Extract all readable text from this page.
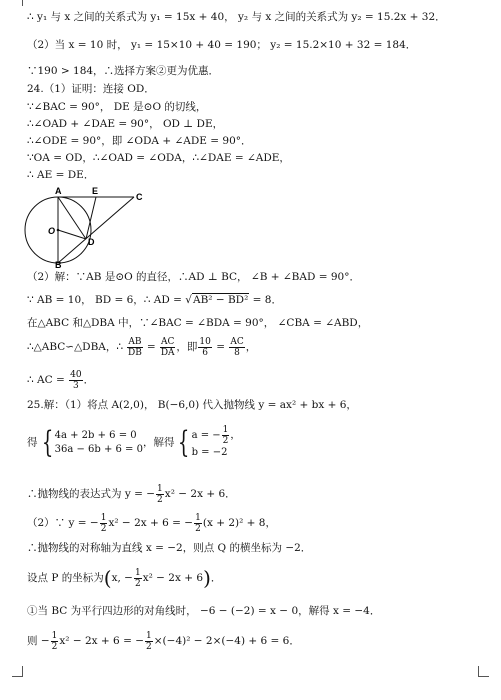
∴ y₁ 与 x 之间的关系式为 y₁ = 15x + 40， y₂ 与 x 之间的关系式为 y₂ = 15.2x + 32．
（2）当 x = 10 时， y₁ = 15×10 + 40 = 190； y₂ = 15.2×10 + 32 = 184．
∵190 > 184，∴选择方案②更为优惠．
24.（1）证明：连接 OD．
∵∠BAC = 90°， DE 是⊙O 的切线，
∴∠OAD + ∠DAE = 90°， OD ⊥ DE，
∴∠ODE = 90°，即 ∠ODA + ∠ADE = 90°．
∵OA = OD，∴∠OAD = ∠ODA，∴∠DAE = ∠ADE，
∴ AE = DE．
A	E
C
O
D
B
（2）解：∵AB 是⊙O 的直径，∴AD ⊥ BC， ∠B + ∠BAD = 90°．
∵ AB = 10， BD = 6，∴ AD = √AB² − BD² = 8．
在△ABC 和△DBA 中，∵∠BAC = ∠BDA = 90°， ∠CBA = ∠ABD，
∴△ABC∽△DBA，∴ $\frac{AB}{DB} = \frac{AC}{DA}$ ，即 $\frac{10}{6} = \frac{AC}{8}$ ，
∴ AC = $\frac{40}{3}$ ．
25.解：（1）将点 A(2,0)， B(−6,0) 代入抛物线 y = ax² + bx + 6，
得 { 4a + 2b + 6 = 0
36a − 6b + 6 = 0
，解得 { a = − $\frac{1}{2}$ ，
b = −2
∴抛物线的表达式为 y = − $\frac{1}{2} x^2 - 2x + 6$．
（2）∵ y = − $\frac{1}{2} x^2 - 2x + 6$ = − $\frac{1}{2} (x + 2)^2 + 8$，
∴抛物线的对称轴为直线 x = −2，则点 Q 的横坐标为 −2．
设点 P 的坐标为(x, − $\frac{1}{2} x^2 - 2x + 6$)．
①当 BC 为平行四边形的对角线时， −6 − (−2) = x − 0，解得 x = −4．
则 − $\frac{1}{2} x^2 - 2x + 6$ = − $\frac{1}{2} \times(-4)^2 - 2\times(-4) + 6 = 6$．
